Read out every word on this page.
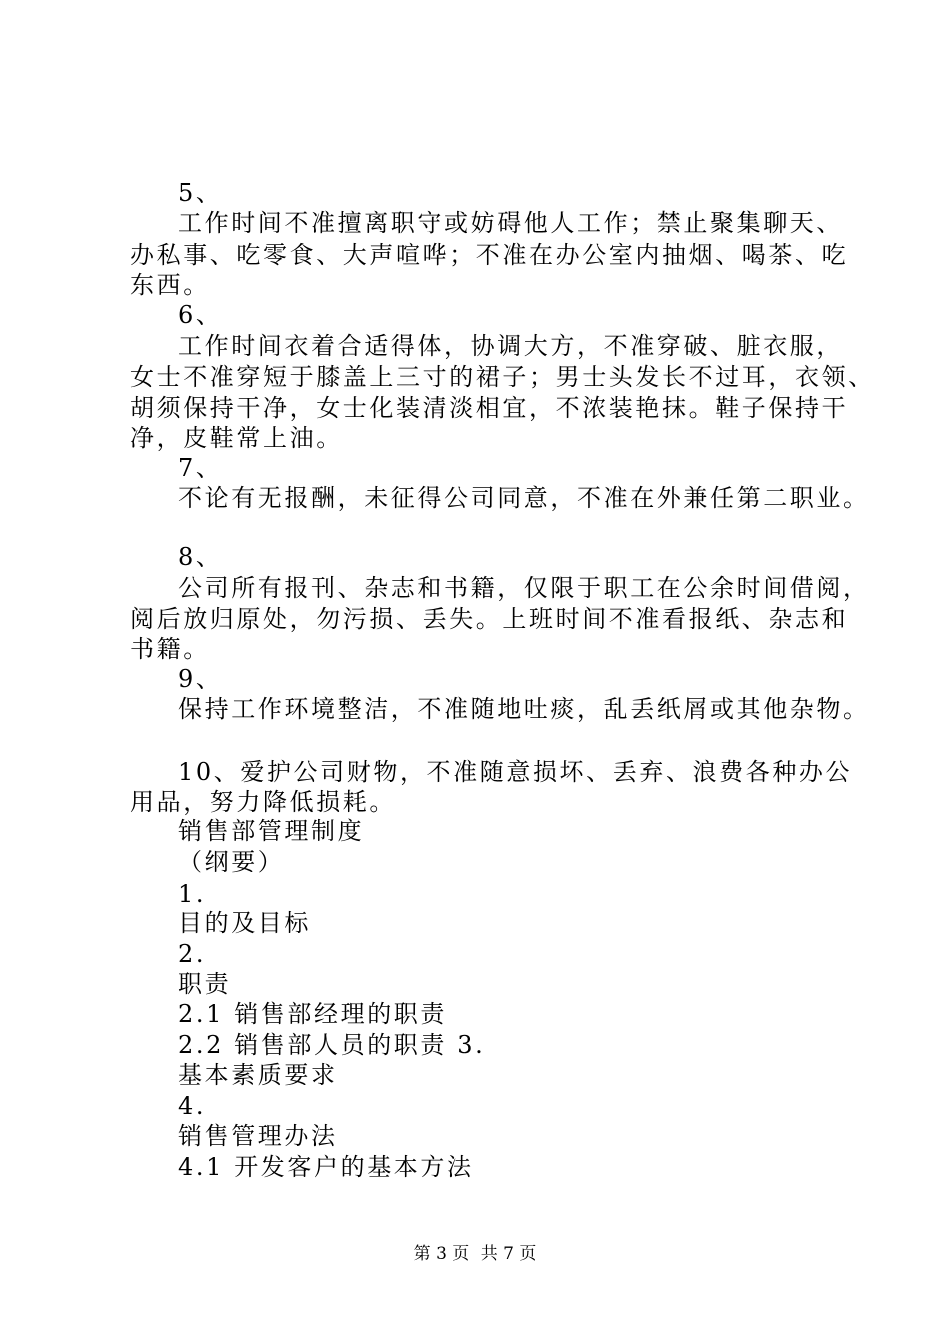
5、
工作时间不准擅离职守或妨碍他人工作；禁止聚集聊天、
办私事、吃零食、大声喧哗；不准在办公室内抽烟、喝茶、吃
东西。
6、
工作时间衣着合适得体，协调大方，不准穿破、脏衣服，
女士不准穿短于膝盖上三寸的裙子；男士头发长不过耳，衣领、
胡须保持干净，女士化装清淡相宜，不浓装艳抹。鞋子保持干
净，皮鞋常上油。
7、
不论有无报酬，未征得公司同意，不准在外兼任第二职业。
8、
公司所有报刊、杂志和书籍，仅限于职工在公余时间借阅，
阅后放归原处，勿污损、丢失。上班时间不准看报纸、杂志和
书籍。
9、
保持工作环境整洁，不准随地吐痰，乱丢纸屑或其他杂物。
10、爱护公司财物，不准随意损坏、丢弃、浪费各种办公
用品，努力降低损耗。
销售部管理制度
（纲要）
1.
目的及目标
2.
职责
2.1 销售部经理的职责
2.2 销售部人员的职责 3.
基本素质要求
4.
销售管理办法
4.1 开发客户的基本方法
第 3 页 共 7 页
